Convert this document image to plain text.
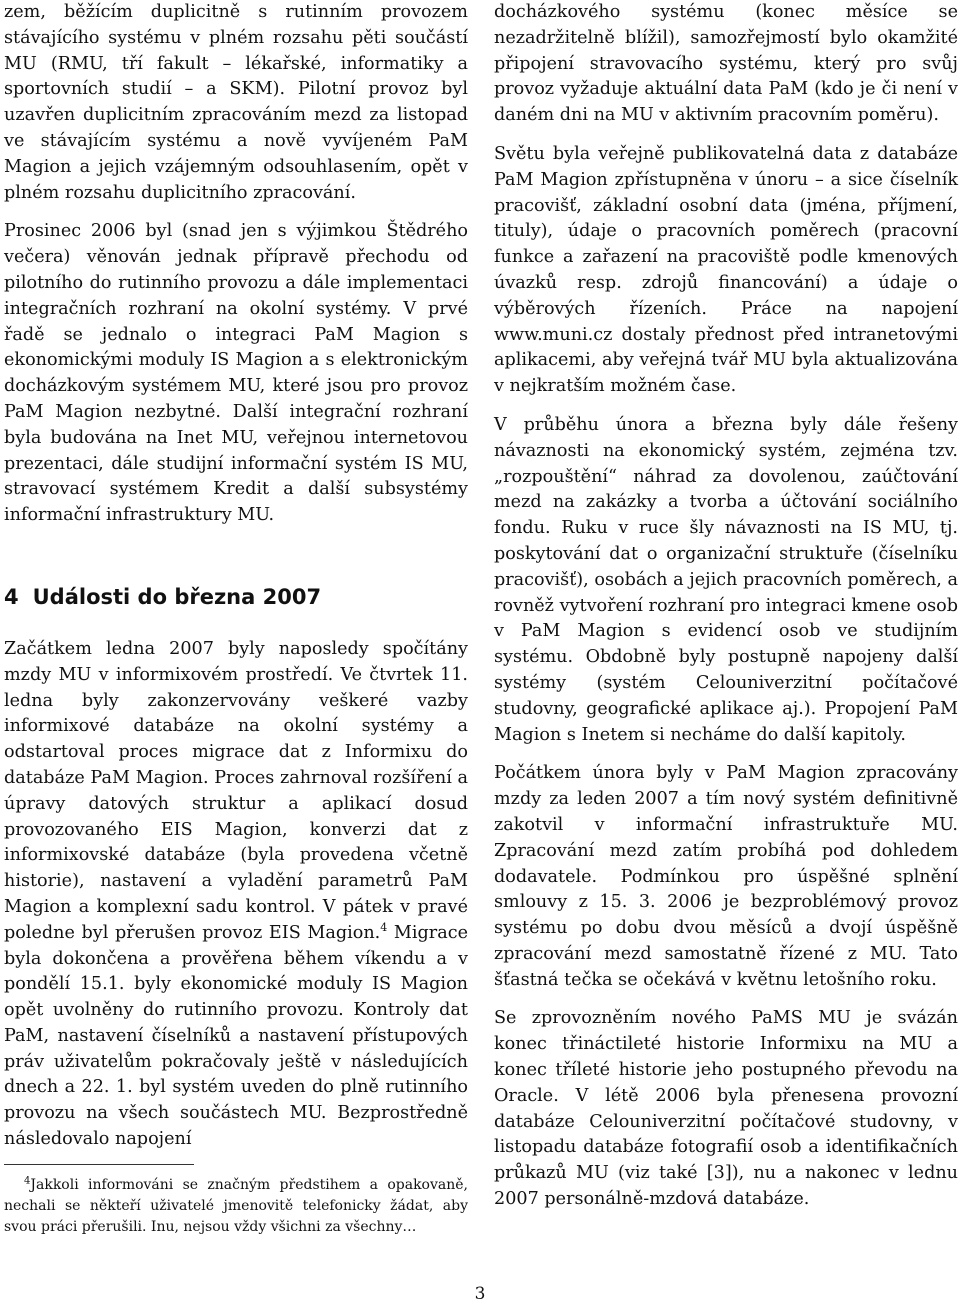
zem, běžícím duplicitně s rutinním provozem stávajícího systému v plném rozsahu pěti součástí MU (RMU, tří fakult – lékařské, informatiky a sportovních studií – a SKM). Pilotní provoz byl uzavřen duplicitním zpracováním mezd za listopad ve stávajícím systému a nově vyvíjeném PaM Magion a jejich vzájemným odsouhlasením, opět v plném rozsahu duplicitního zpracování.

Prosinec 2006 byl (snad jen s výjimkou Štědrého večera) věnován jednak přípravě přechodu od pilotního do rutinního provozu a dále implementaci integračních rozhraní na okolní systémy. V prvé řadě se jednalo o integraci PaM Magion s ekonomickými moduly IS Magion a s elektronickým docházkovým systémem MU, které jsou pro provoz PaM Magion nezbytné. Další integrační rozhraní byla budována na Inet MU, veřejnou internetovou prezentaci, dále studijní informační systém IS MU, stravovací systémem Kredit a další subsystémy informační infrastruktury MU.

4 Události do března 2007

Začátkem ledna 2007 byly naposledy spočítány mzdy MU v informixovém prostředí. Ve čtvrtek 11. ledna byly zakonzervovány veškeré vazby informixové databáze na okolní systémy a odstartoval proces migrace dat z Informixu do databáze PaM Magion. Proces zahrnoval rozšíření a úpravy datových struktur a aplikací dosud provozovaného EIS Magion, konverzi dat z informixovské databáze (byla provedena včetně historie), nastavení a vyladění parametrů PaM Magion a komplexní sadu kontrol. V pátek v pravé poledne byl přerušen provoz EIS Magion.$^4$ Migrace byla dokončena a prověřena během víkendu a v pondělí 15.1. byly ekonomické moduly IS Magion opět uvolněny do rutinního provozu. Kontroly dat PaM, nastavení číselníků a nastavení přístupových práv uživatelům pokračovaly ještě v následujících dnech a 22. 1. byl systém uveden do plně rutinního provozu na všech součástech MU. Bezprostředně následovalo napojení

$^4$Jakkoli informováni se značným předstihem a opakovaně, nechali se někteří uživatelé jmenovitě telefonicky žádat, aby svou práci přerušili. Inu, nejsou vždy všichni za všechny…

docházkového systému (konec měsíce se nezadržitelně blížil), samozřejmostí bylo okamžité připojení stravovacího systému, který pro svůj provoz vyžaduje aktuální data PaM (kdo je či není v daném dni na MU v aktivním pracovním poměru).

Světu byla veřejně publikovatelná data z databáze PaM Magion zpřístupněna v únoru – a sice číselník pracovišť, základní osobní data (jména, příjmení, tituly), údaje o pracovních poměrech (pracovní funkce a zařazení na pracoviště podle kmenových úvazků resp. zdrojů financování) a údaje o výběrových řízeních. Práce na napojení www.muni.cz dostaly přednost před intranetovými aplikacemi, aby veřejná tvář MU byla aktualizována v nejkratším možném čase.

V průběhu února a března byly dále řešeny návaznosti na ekonomický systém, zejména tzv. „rozpouštění“ náhrad za dovolenou, zaúčtování mezd na zakázky a tvorba a účtování sociálního fondu. Ruku v ruce šly návaznosti na IS MU, tj. poskytování dat o organizační struktuře (číselníku pracovišť), osobách a jejich pracovních poměrech, a rovněž vytvoření rozhraní pro integraci kmene osob v PaM Magion s evidencí osob ve studijním systému. Obdobně byly postupně napojeny další systémy (systém Celouniverzitní počítačové studovny, geografické aplikace aj.). Propojení PaM Magion s Inetem si necháme do další kapitoly.

Počátkem února byly v PaM Magion zpracovány mzdy za leden 2007 a tím nový systém definitivně zakotvil v informační infrastruktuře MU. Zpracování mezd zatím probíhá pod dohledem dodavatele. Podmínkou pro úspěšné splnění smlouvy z 15. 3. 2006 je bezproblémový provoz systému po dobu dvou měsíců a dvojí úspěšně zpracování mezd samostatně řízené z MU. Tato šťastná tečka se očekává v květnu letošního roku.

Se zprovozněním nového PaMS MU je svázán konec třináctileté historie Informixu na MU a konec tříleté historie jeho postupného převodu na Oracle. V létě 2006 byla přenesena provozní databáze Celouniverzitní počítačové studovny, v listopadu databáze fotografií osob a identifikačních průkazů MU (viz také [3]), nu a nakonec v lednu 2007 personálně-mzdová databáze.

3
